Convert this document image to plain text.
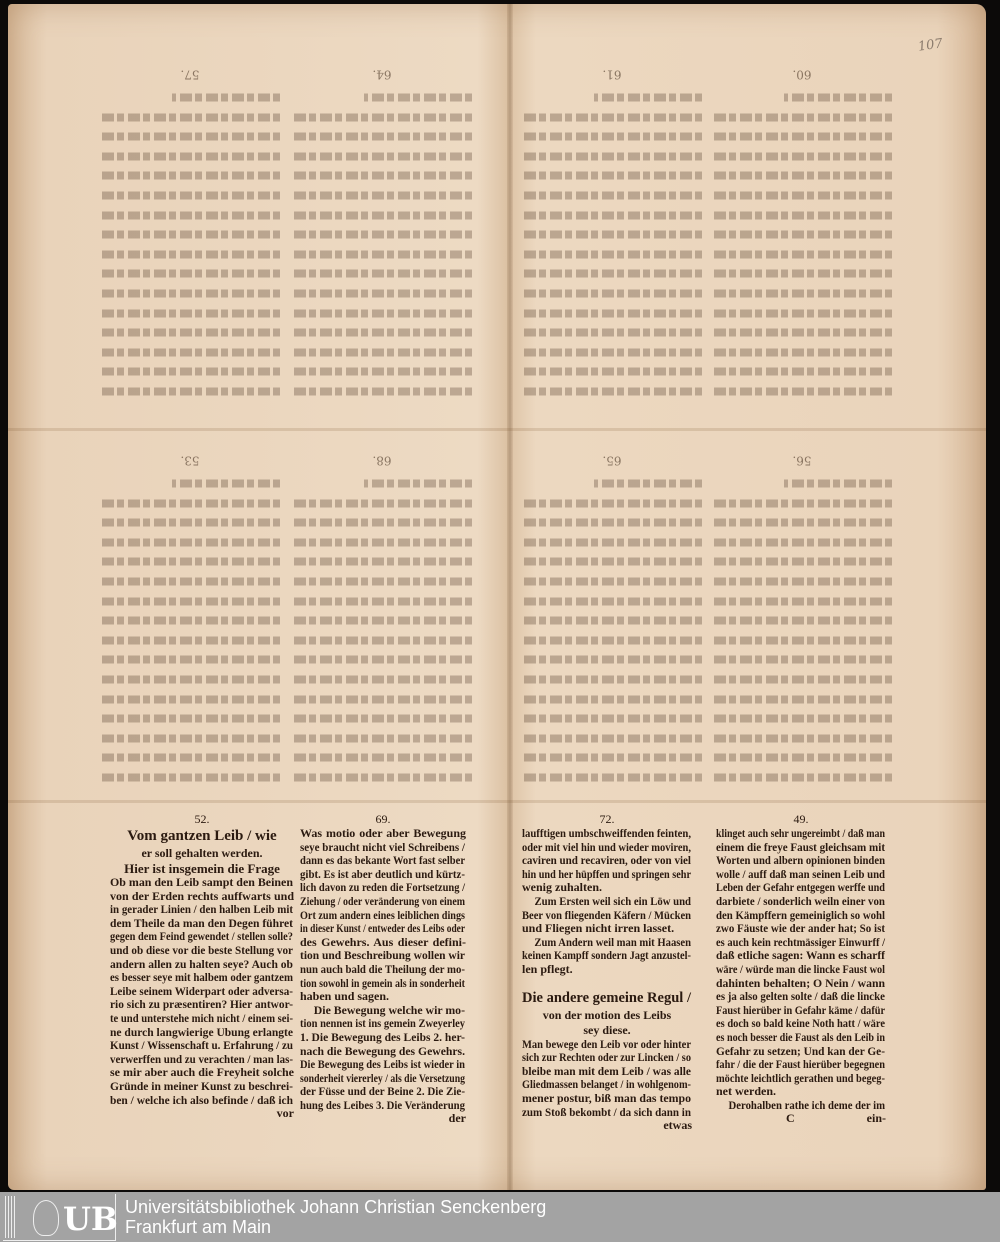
107
57.	64.	61.	60.
53.	68.	65.	56.
52.
Vom gantzen Leib / wie
er soll gehalten werden.
Hier ist insgemein die Frage
Ob man den Leib sampt den Beinen
von der Erden rechts auffwarts und
in gerader Linien / den halben Leib mit
dem Theile da man den Degen führet
gegen dem Feind gewendet / stellen solle?
und ob diese vor die beste Stellung vor
andern allen zu halten seye? Auch ob
es besser seye mit halbem oder gantzem
Leibe seinem Widerpart oder adversa-
rio sich zu præsentiren? Hier antwor-
te und unterstehe mich nicht / einem sei-
ne durch langwierige Ubung erlangte
Kunst / Wissenschaft u. Erfahrung / zu
verwerffen und zu verachten / man las-
se mir aber auch die Freyheit solche
Gründe in meiner Kunst zu beschrei-
ben / welche ich also befinde / daß ich
vor
69.
Was motio oder aber Bewegung
seye braucht nicht viel Schreibens /
dann es das bekante Wort fast selber
gibt. Es ist aber deutlich und kürtz-
lich davon zu reden die Fortsetzung /
Ziehung / oder veränderung von einem
Ort zum andern eines leiblichen dings
in dieser Kunst / entweder des Leibs oder
des Gewehrs. Aus dieser defini-
tion und Beschreibung wollen wir
nun auch bald die Theilung der mo-
tion sowohl in gemein als in sonderheit
haben und sagen.
Die Bewegung welche wir mo-
tion nennen ist ins gemein Zweyerley
1. Die Bewegung des Leibs 2. her-
nach die Bewegung des Gewehrs.
Die Bewegung des Leibs ist wieder in
sonderheit viererley / als die Versetzung
der Füsse und der Beine 2. Die Zie-
hung des Leibes 3. Die Veränderung
der
72.
laufftigen umbschweiffenden feinten,
oder mit viel hin und wieder moviren,
caviren und recaviren, oder von viel
hin und her hüpffen und springen sehr
wenig zuhalten.
Zum Ersten weil sich ein Löw und
Beer von fliegenden Käfern / Mücken
und Fliegen nicht irren lasset.
Zum Andern weil man mit Haasen
keinen Kampff sondern Jagt anzustel-
len pflegt.
Die andere gemeine Regul /
von der motion des Leibs
sey diese.
Man bewege den Leib vor oder hinter
sich zur Rechten oder zur Lincken / so
bleibe man mit dem Leib / was alle
Gliedmassen belanget / in wohlgenom-
mener postur, biß man das tempo
zum Stoß bekombt / da sich dann in
etwas
49.
klinget auch sehr ungereimbt / daß man
einem die freye Faust gleichsam mit
Worten und albern opinionen binden
wolle / auff daß man seinen Leib und
Leben der Gefahr entgegen werffe und
darbiete / sonderlich weiln einer von
den Kämpffern gemeiniglich so wohl
zwo Fäuste wie der ander hat; So ist
es auch kein rechtmässiger Einwurff /
daß etliche sagen: Wann es scharff
wäre / würde man die lincke Faust wol
dahinten behalten; O Nein / wann
es ja also gelten solte / daß die lincke
Faust hierüber in Gefahr käme / dafür
es doch so bald keine Noth hatt / wäre
es noch besser die Faust als den Leib in
Gefahr zu setzen; Und kan der Ge-
fahr / die der Faust hierüber begegnen
möchte leichtlich gerathen und begeg-
net werden.
Derohalben rathe ich deme der im
C	ein-
UB Universitätsbibliothek Johann Christian Senckenberg
Frankfurt am Main
